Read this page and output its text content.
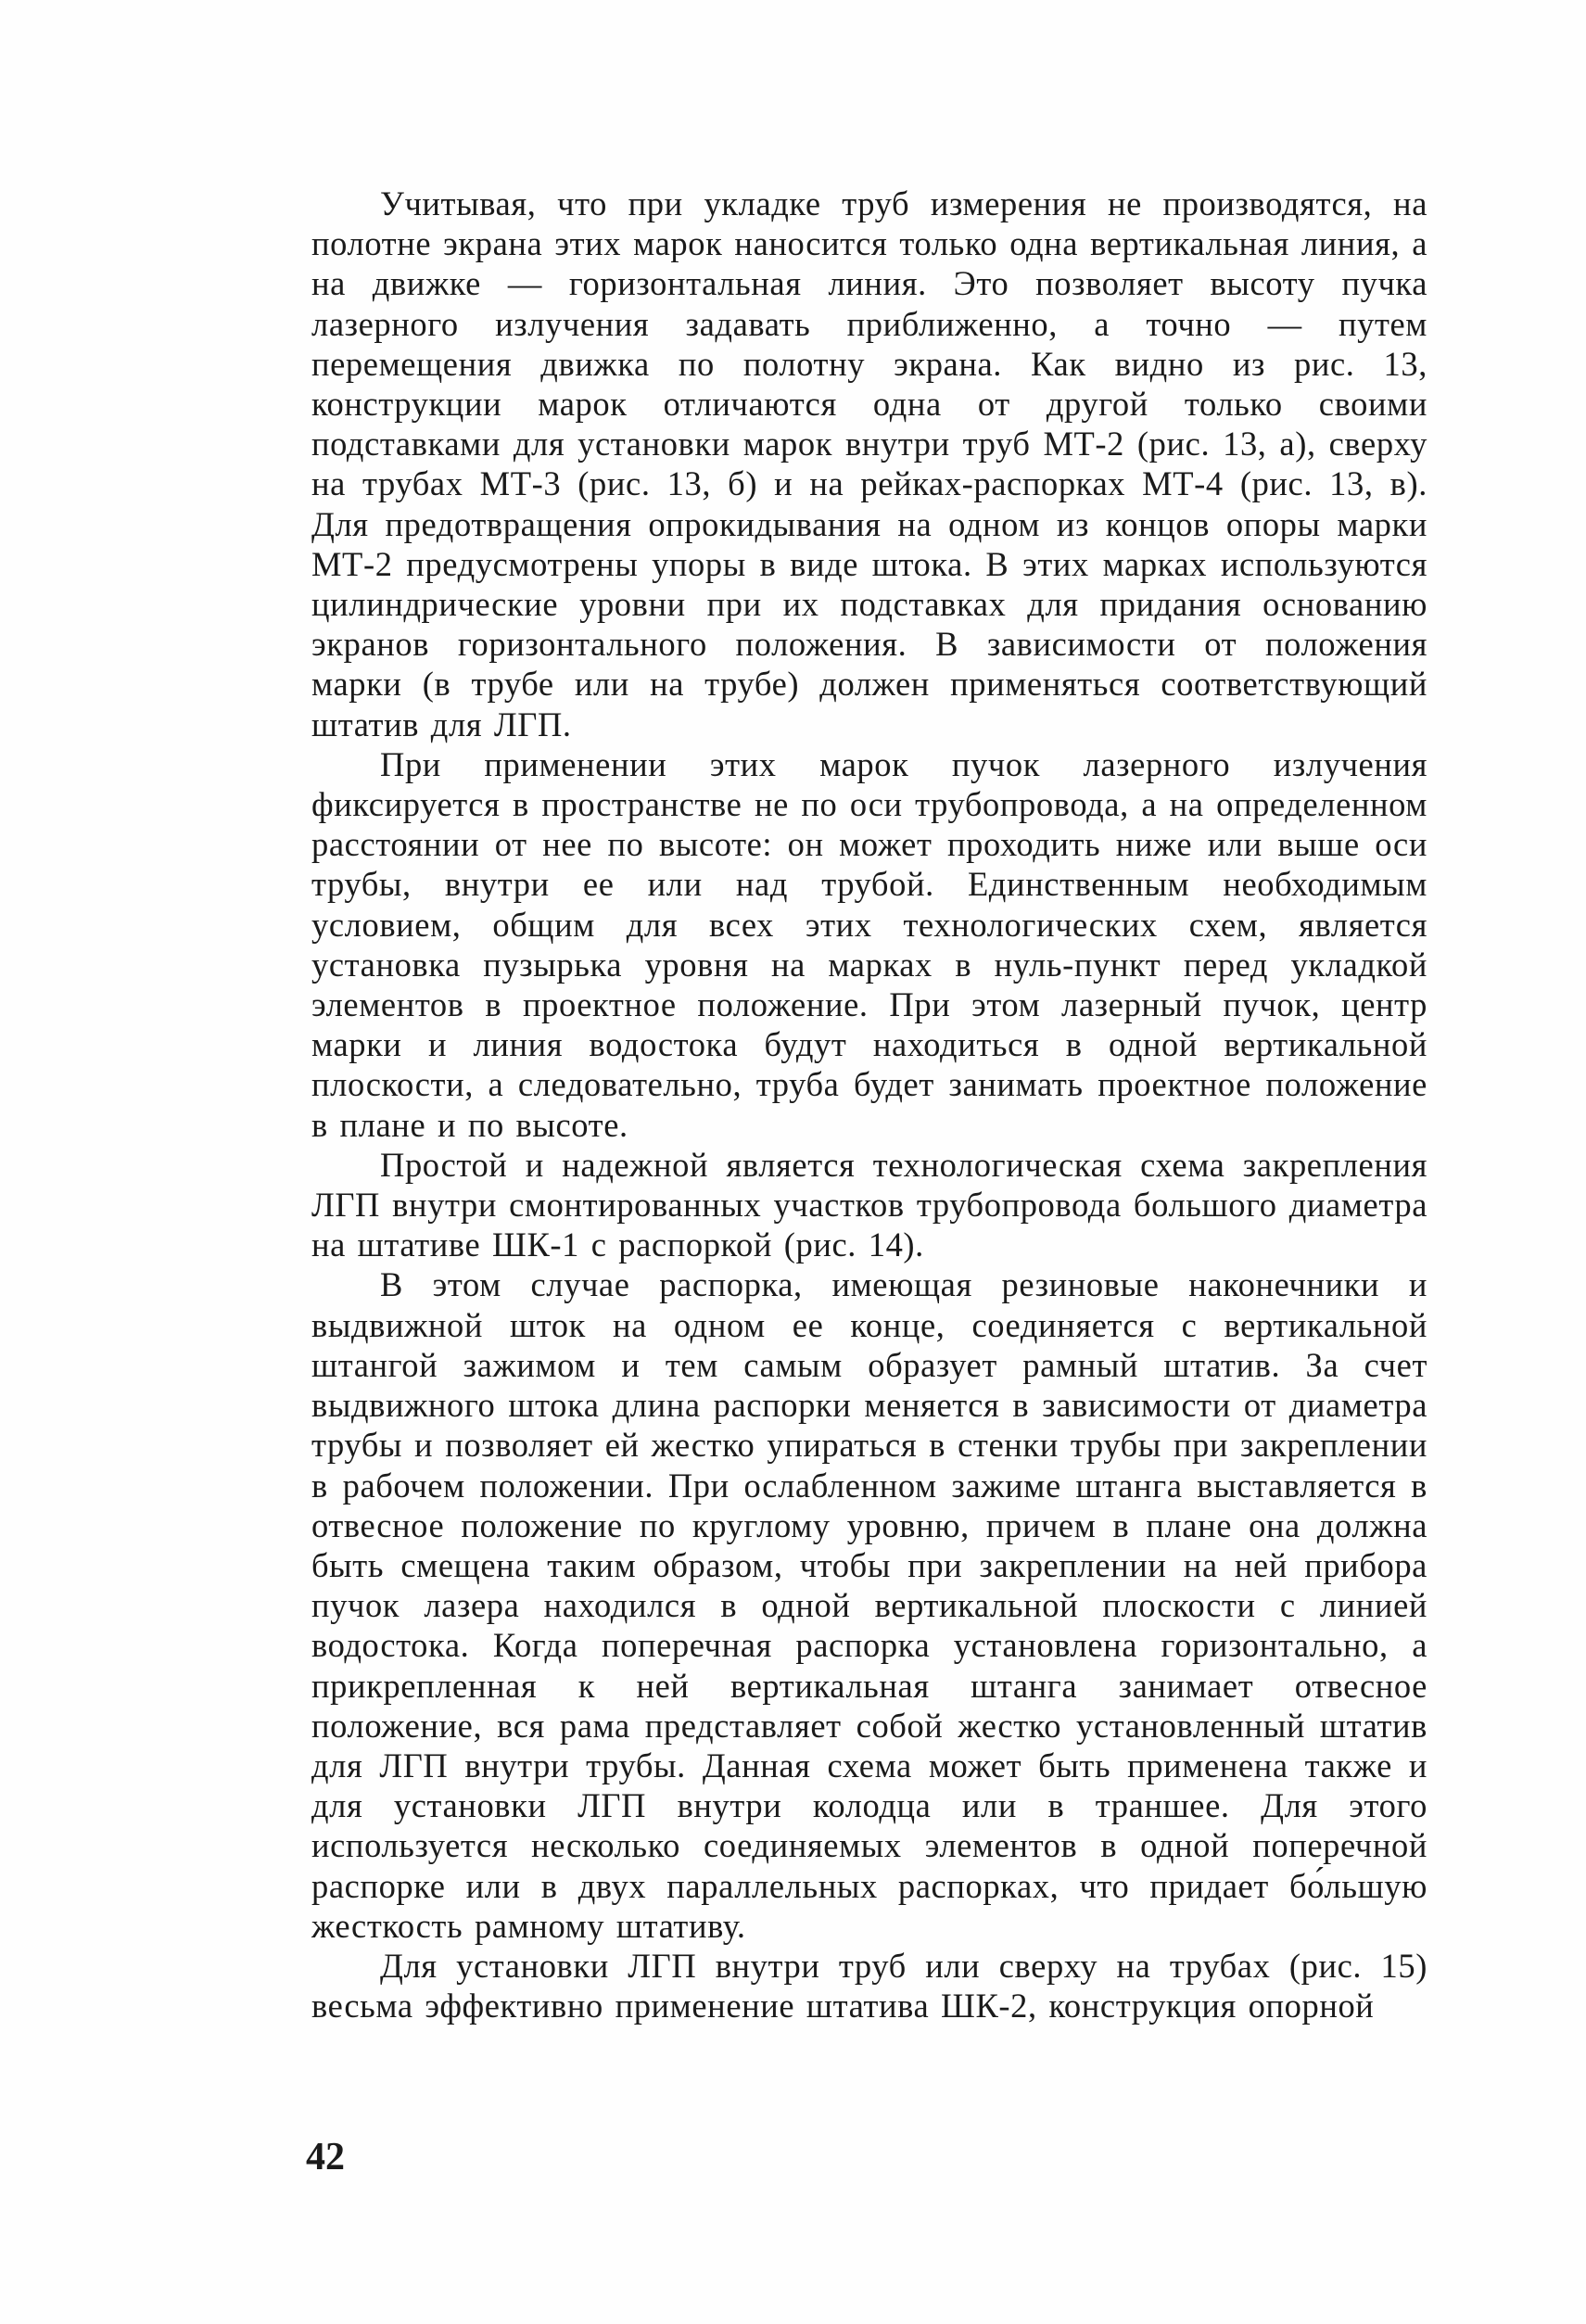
Учитывая, что при укладке труб измерения не производятся, на полотне экрана этих марок наносится только одна вертикальная линия, а на движке — горизонтальная линия. Это позволяет высоту пучка лазерного излучения задавать приближенно, а точно — путем перемещения движка по полотну экрана. Как видно из рис. 13, конструкции марок отличаются одна от другой только своими подставками для установки марок внутри труб МТ-2 (рис. 13, а), сверху на трубах МТ-3 (рис. 13, б) и на рейках-распорках МТ-4 (рис. 13, в). Для предотвращения опрокидывания на одном из концов опоры марки МТ-2 предусмотрены упоры в виде штока. В этих марках используются цилиндрические уровни при их подставках для придания основанию экранов горизонтального положения. В зависимости от положения марки (в трубе или на трубе) должен применяться соответствующий штатив для ЛГП.

При применении этих марок пучок лазерного излучения фиксируется в пространстве не по оси трубопровода, а на определенном расстоянии от нее по высоте: он может проходить ниже или выше оси трубы, внутри ее или над трубой. Единственным необходимым условием, общим для всех этих технологических схем, является установка пузырька уровня на марках в нуль-пункт перед укладкой элементов в проектное положение. При этом лазерный пучок, центр марки и линия водостока будут находиться в одной вертикальной плоскости, а следовательно, труба будет занимать проектное положение в плане и по высоте.

Простой и надежной является технологическая схема закрепления ЛГП внутри смонтированных участков трубопровода большого диаметра на штативе ШК-1 с распоркой (рис. 14).

В этом случае распорка, имеющая резиновые наконечники и выдвижной шток на одном ее конце, соединяется с вертикальной штангой зажимом и тем самым образует рамный штатив. За счет выдвижного штока длина распорки меняется в зависимости от диаметра трубы и позволяет ей жестко упираться в стенки трубы при закреплении в рабочем положении. При ослабленном зажиме штанга выставляется в отвесное положение по круглому уровню, причем в плане она должна быть смещена таким образом, чтобы при закреплении на ней прибора пучок лазера находился в одной вертикальной плоскости с линией водостока. Когда поперечная распорка установлена горизонтально, а прикрепленная к ней вертикальная штанга занимает отвесное положение, вся рама представляет собой жестко установленный штатив для ЛГП внутри трубы. Данная схема может быть применена также и для установки ЛГП внутри колодца или в траншее. Для этого используется несколько соединяемых элементов в одной поперечной распорке или в двух параллельных распорках, что придает бо́льшую жесткость рамному штативу.

Для установки ЛГП внутри труб или сверху на трубах (рис. 15) весьма эффективно применение штатива ШК-2, конструкция опорной

42
